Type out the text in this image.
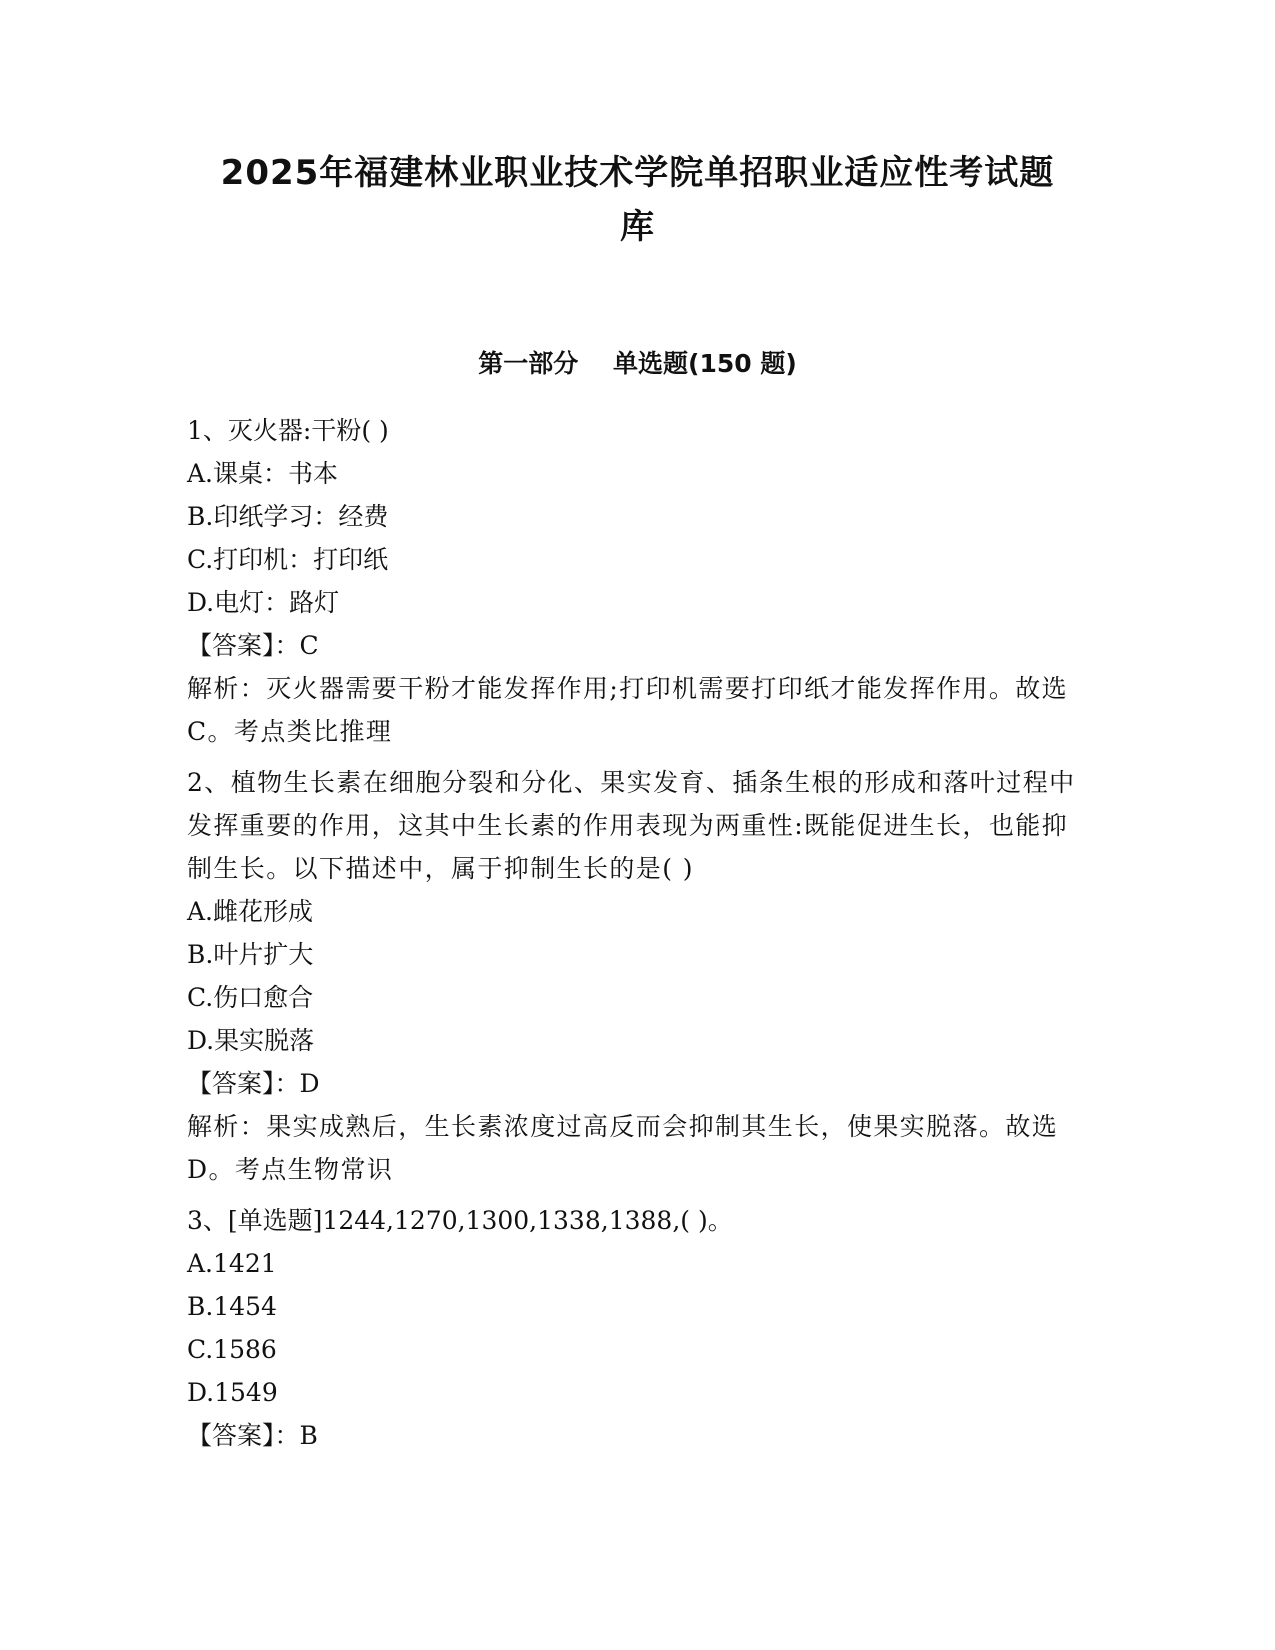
2025年福建林业职业技术学院单招职业适应性考试题
库
第一部分    单选题(150 题)
1、灭火器:干粉( )
A.课桌：书本
B.印纸学习：经费
C.打印机：打印纸
D.电灯：路灯
【答案】：C
解析：灭火器需要干粉才能发挥作用;打印机需要打印纸才能发挥作用。故选C。考点类比推理
2、植物生长素在细胞分裂和分化、果实发育、插条生根的形成和落叶过程中发挥重要的作用，这其中生长素的作用表现为两重性:既能促进生长，也能抑制生长。以下描述中，属于抑制生长的是( )
A.雌花形成
B.叶片扩大
C.伤口愈合
D.果实脱落
【答案】：D
解析：果实成熟后，生长素浓度过高反而会抑制其生长，使果实脱落。故选D。考点生物常识
3、[单选题]1244,1270,1300,1338,1388,( )。
A.1421
B.1454
C.1586
D.1549
【答案】：B
